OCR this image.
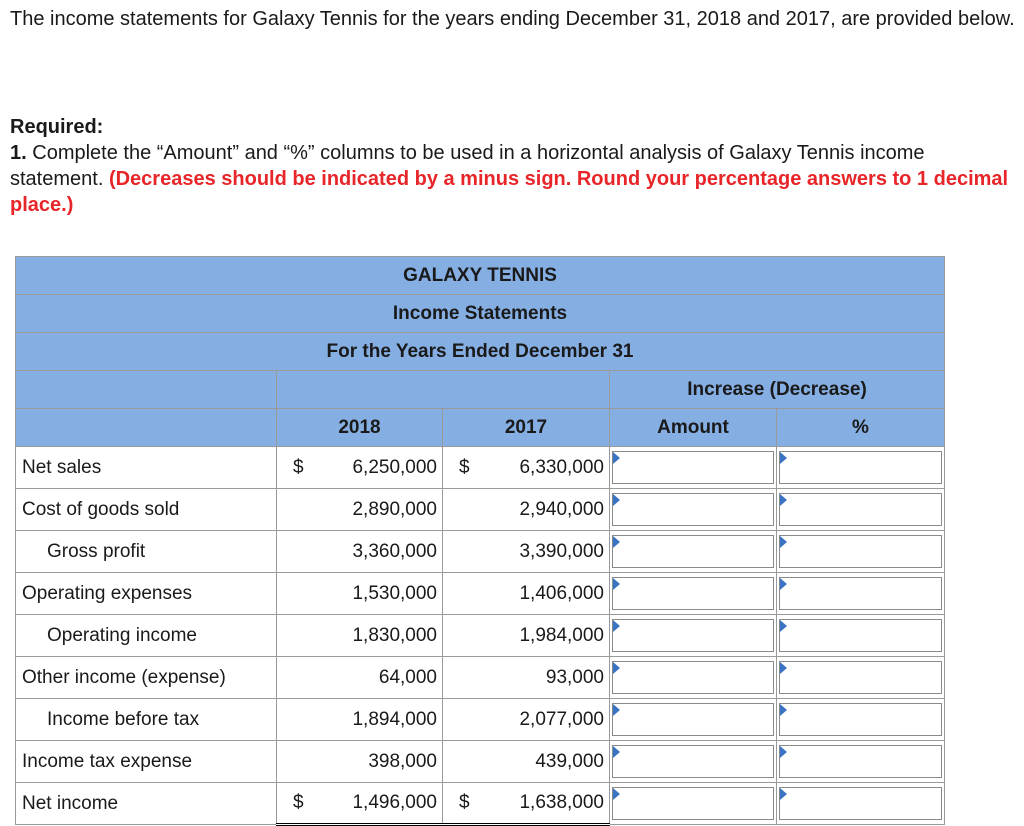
The income statements for Galaxy Tennis for the years ending December 31, 2018 and 2017, are provided below.
Required:
1. Complete the “Amount” and “%” columns to be used in a horizontal analysis of Galaxy Tennis income statement. (Decreases should be indicated by a minus sign. Round your percentage answers to 1 decimal place.)
GALAXY TENNIS				
Income Statements				
For the Years Ended December 31				
			Increase (Decrease)	
	2018	2017	Amount	%
Net sales	$ 6,250,000	$ 6,330,000

Cost of goods sold	2,890,000	2,940,000	

Gross profit	3,360,000	3,390,000	

Operating expenses	1,530,000	1,406,000	

Operating income	1,830,000	1,984,000	

Other income (expense)	64,000	93,000	

Income before tax	1,894,000	2,077,000	

Income tax expense	398,000	439,000	

Net income	$ 1,496,000	$ 1,638,000
